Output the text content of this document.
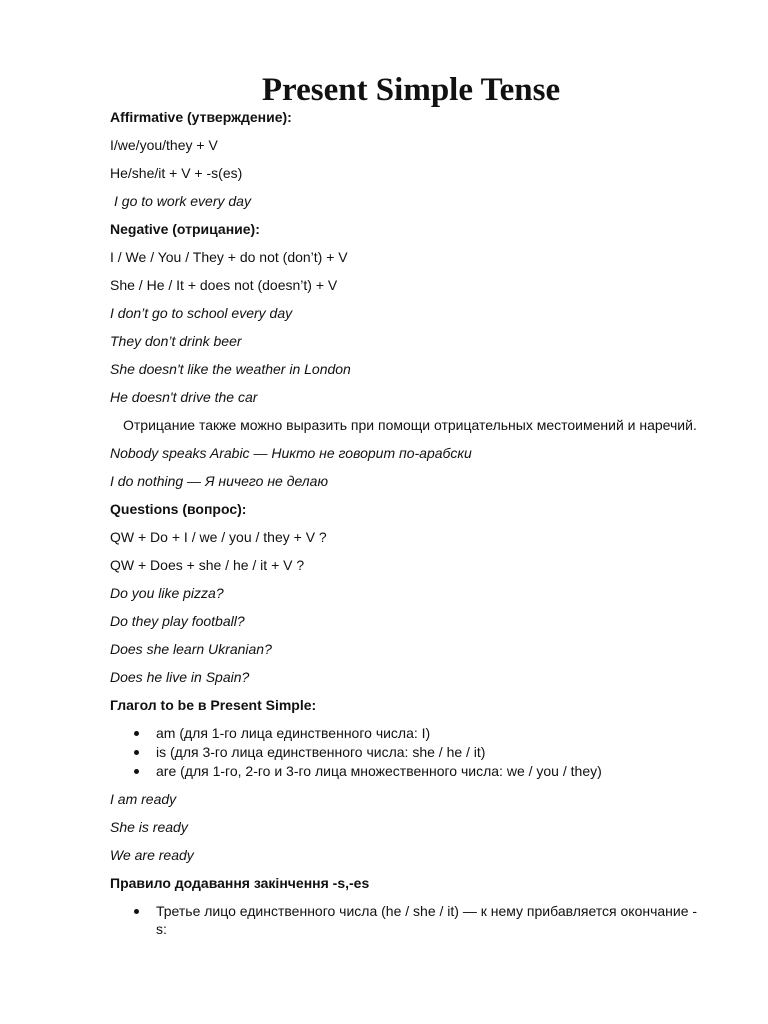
Present Simple Tense

Affirmative (утверждение):

I/we/you/they + V

He/she/it + V + -s(es)

I go to work every day

Negative (отрицание):

I / We / You / They + do not (don’t) + V

She / He / It + does not (doesn’t) + V

I don’t go to school every day

They don’t drink beer

She doesn't like the weather in London

He doesn't drive the car

Отрицание также можно выразить при помощи отрицательных местоимений и наречий.

Nobody speaks Arabic — Никто не говорит по-арабски

I do nothing — Я ничего не делаю

Questions (вопрос):

QW + Do + I / we / you / they + V ?

QW + Does + she / he / it + V ?

Do you like pizza?

Do they play football?

Does she learn Ukranian?

Does he live in Spain?

Глагол to be в Present Simple:

am (для 1-го лица единственного числа: I)
is (для 3-го лица единственного числа: she / he / it)
are (для 1-го, 2-го и 3-го лица множественного числа: we / you / they)

I am ready

She is ready

We are ready

Правило додавання закінчення -s,-es

Третье лицо единственного числа (he / she / it) — к нему прибавляется окончание -s:
